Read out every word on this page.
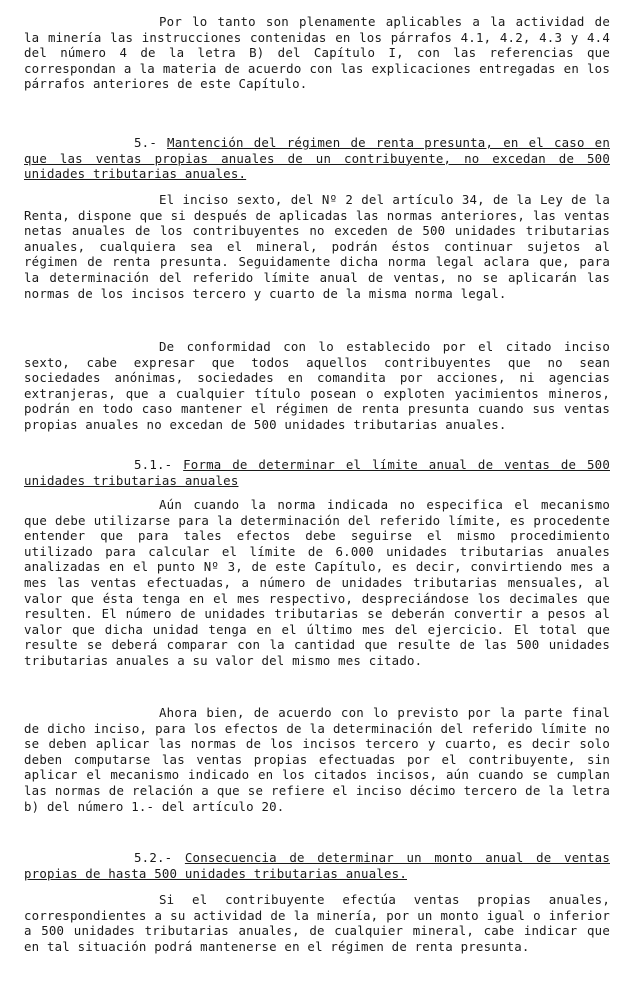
Por lo tanto son plenamente aplicables a la actividad de la minería las instrucciones contenidas en los párrafos 4.1, 4.2, 4.3 y 4.4 del número 4 de la letra B) del Capítulo I, con las referencias que correspondan a la materia de acuerdo con las explicaciones entregadas en los párrafos anteriores de este Capítulo.

5.- Mantención del régimen de renta presunta, en el caso en que las ventas propias anuales de un contribuyente, no excedan de 500 unidades tributarias anuales.

El inciso sexto, del Nº 2 del artículo 34, de la Ley de la Renta, dispone que si después de aplicadas las normas anteriores, las ventas netas anuales de los contribuyentes no exceden de 500 unidades tributarias anuales, cualquiera sea el mineral, podrán éstos continuar sujetos al régimen de renta presunta. Seguidamente dicha norma legal aclara que, para la determinación del referido límite anual de ventas, no se aplicarán las normas de los incisos tercero y cuarto de la misma norma legal.

De conformidad con lo establecido por el citado inciso sexto, cabe expresar que todos aquellos contribuyentes que no sean sociedades anónimas, sociedades en comandita por acciones, ni agencias extranjeras, que a cualquier título posean o exploten yacimientos mineros, podrán en todo caso mantener el régimen de renta presunta cuando sus ventas propias anuales no excedan de 500 unidades tributarias anuales.

5.1.- Forma de determinar el límite anual de ventas de 500 unidades tributarias anuales

Aún cuando la norma indicada no especifica el mecanismo que debe utilizarse para la determinación del referido límite, es procedente entender que para tales efectos debe seguirse el mismo procedimiento utilizado para calcular el límite de 6.000 unidades tributarias anuales analizadas en el punto Nº 3, de este Capítulo, es decir, convirtiendo mes a mes las ventas efectuadas, a número de unidades tributarias mensuales, al valor que ésta tenga en el mes respectivo, despreciándose los decimales que resulten. El número de unidades tributarias se deberán convertir a pesos al valor que dicha unidad tenga en el último mes del ejercicio. El total que resulte se deberá comparar con la cantidad que resulte de las 500 unidades tributarias anuales a su valor del mismo mes citado.

Ahora bien, de acuerdo con lo previsto por la parte final de dicho inciso, para los efectos de la determinación del referido límite no se deben aplicar las normas de los incisos tercero y cuarto, es decir solo deben computarse las ventas propias efectuadas por el contribuyente, sin aplicar el mecanismo indicado en los citados incisos, aún cuando se cumplan las normas de relación a que se refiere el inciso décimo tercero de la letra b) del número 1.- del artículo 20.

5.2.- Consecuencia de determinar un monto anual de ventas propias de hasta 500 unidades tributarias anuales.

Si el contribuyente efectúa ventas propias anuales, correspondientes a su actividad de la minería, por un monto igual o inferior a 500 unidades tributarias anuales, de cualquier mineral, cabe indicar que en tal situación podrá mantenerse en el régimen de renta presunta.
